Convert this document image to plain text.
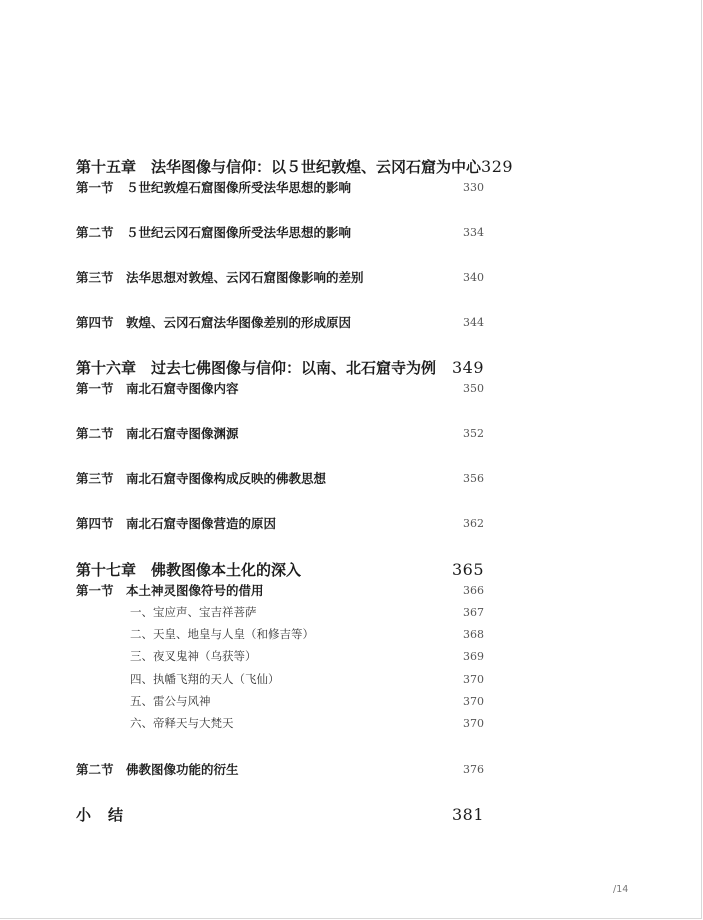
第十五章　法华图像与信仰：以５世纪敦煌、云冈石窟为中心 329
第一节　５世纪敦煌石窟图像所受法华思想的影响	330
第二节　５世纪云冈石窟图像所受法华思想的影响	334
第三节　法华思想对敦煌、云冈石窟图像影响的差别	340
第四节　敦煌、云冈石窟法华图像差别的形成原因	344
第十六章　过去七佛图像与信仰：以南、北石窟寺为例 349
第一节　南北石窟寺图像内容	350
第二节　南北石窟寺图像渊源	352
第三节　南北石窟寺图像构成反映的佛教思想	356
第四节　南北石窟寺图像营造的原因	362
第十七章　佛教图像本土化的深入	365
第一节　本土神灵图像符号的借用	366
一、宝应声、宝吉祥菩萨	367
二、天皇、地皇与人皇（和修吉等）	368
三、夜叉鬼神（乌获等）	369
四、执幡飞翔的天人（飞仙）	370
五、雷公与风神	370
六、帝释天与大梵天	370
第二节　佛教图像功能的衍生	376
小　结	381
/14
